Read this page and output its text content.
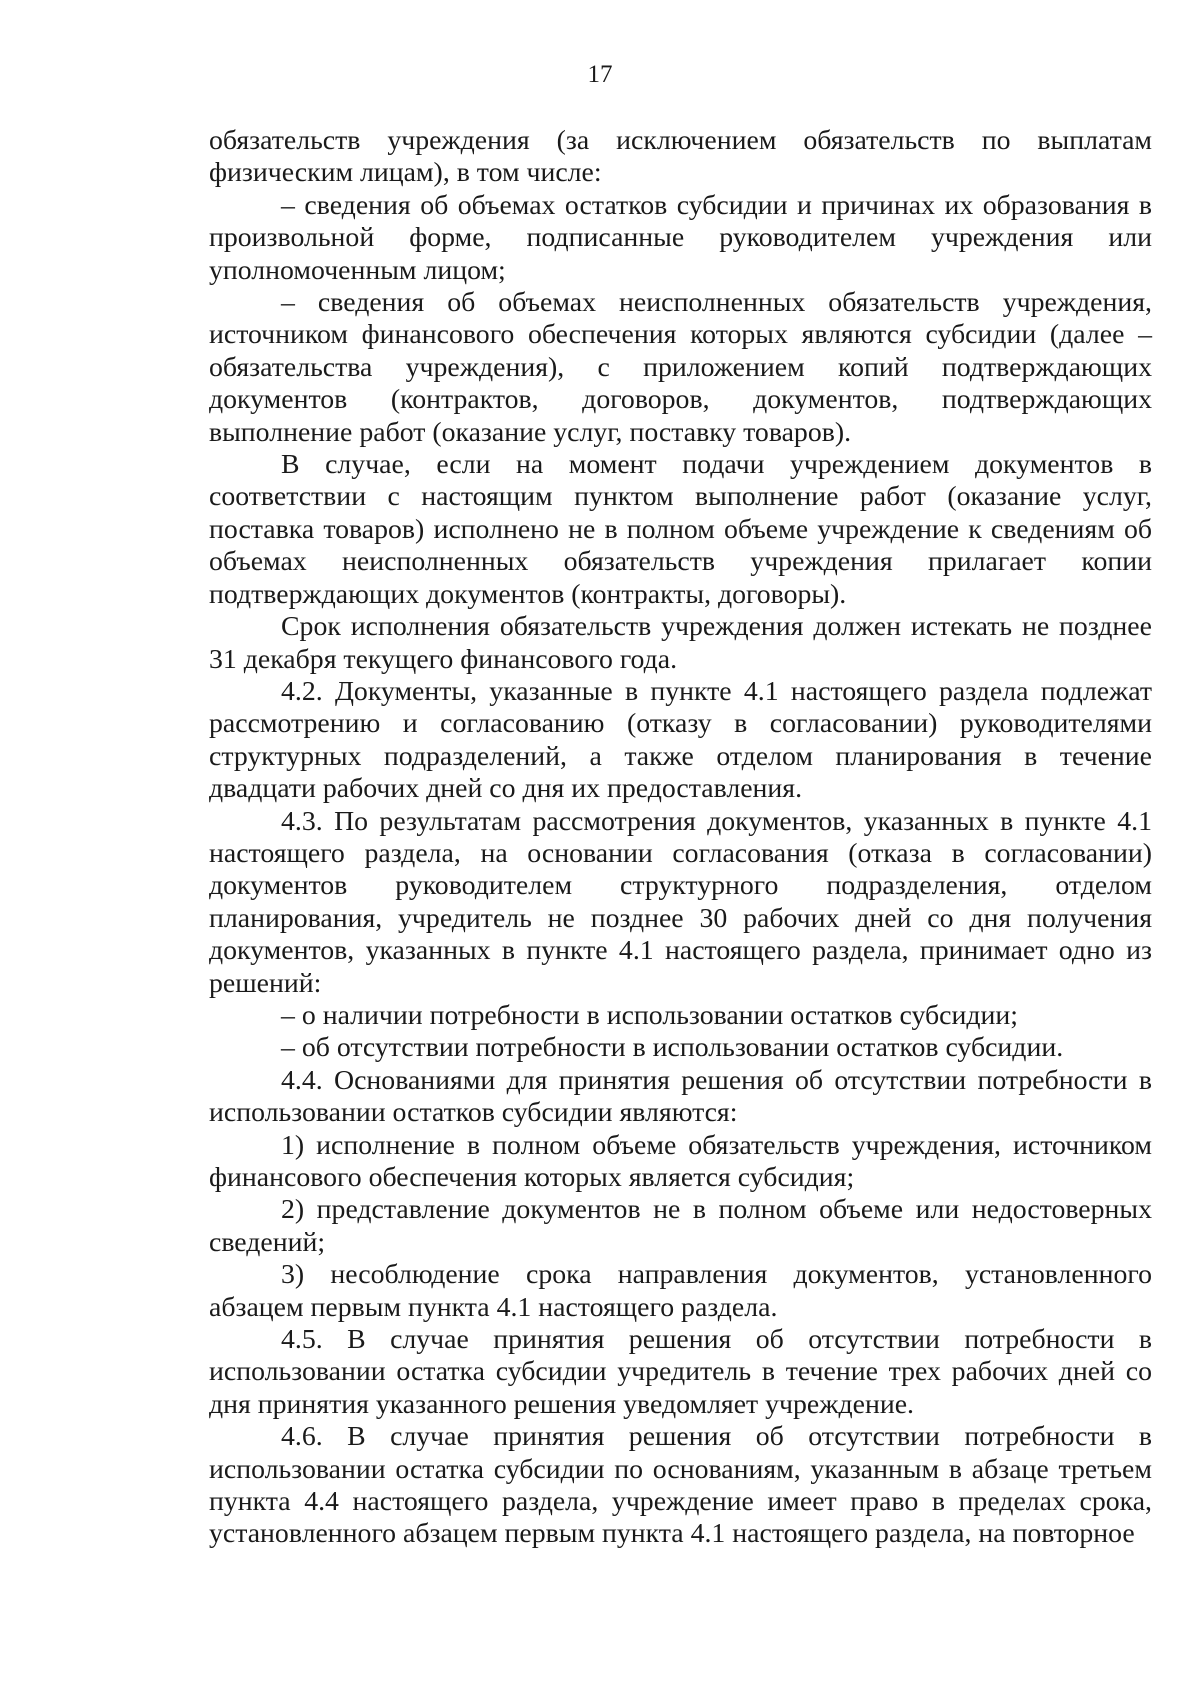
17

обязательств учреждения (за исключением обязательств по выплатам физическим лицам), в том числе:

– сведения об объемах остатков субсидии и причинах их образования в произвольной форме, подписанные руководителем учреждения или уполномоченным лицом;

– сведения об объемах неисполненных обязательств учреждения, источником финансового обеспечения которых являются субсидии (далее – обязательства учреждения), с приложением копий подтверждающих документов (контрактов, договоров, документов, подтверждающих выполнение работ (оказание услуг, поставку товаров).

В случае, если на момент подачи учреждением документов в соответствии с настоящим пунктом выполнение работ (оказание услуг, поставка товаров) исполнено не в полном объеме учреждение к сведениям об объемах неисполненных обязательств учреждения прилагает копии подтверждающих документов (контракты, договоры).

Срок исполнения обязательств учреждения должен истекать не позднее 31 декабря текущего финансового года.

4.2. Документы, указанные в пункте 4.1 настоящего раздела подлежат рассмотрению и согласованию (отказу в согласовании) руководителями структурных подразделений, а также отделом планирования в течение двадцати рабочих дней со дня их предоставления.

4.3. По результатам рассмотрения документов, указанных в пункте 4.1 настоящего раздела, на основании согласования (отказа в согласовании) документов руководителем структурного подразделения, отделом планирования, учредитель не позднее 30 рабочих дней со дня получения документов, указанных в пункте 4.1 настоящего раздела, принимает одно из решений:

– о наличии потребности в использовании остатков субсидии;

– об отсутствии потребности в использовании остатков субсидии.

4.4. Основаниями для принятия решения об отсутствии потребности в использовании остатков субсидии являются:

1) исполнение в полном объеме обязательств учреждения, источником финансового обеспечения которых является субсидия;

2) представление документов не в полном объеме или недостоверных сведений;

3) несоблюдение срока направления документов, установленного абзацем первым пункта 4.1 настоящего раздела.

4.5. В случае принятия решения об отсутствии потребности в использовании остатка субсидии учредитель в течение трех рабочих дней со дня принятия указанного решения уведомляет учреждение.

4.6. В случае принятия решения об отсутствии потребности в использовании остатка субсидии по основаниям, указанным в абзаце третьем пункта 4.4 настоящего раздела, учреждение имеет право в пределах срока, установленного абзацем первым пункта 4.1 настоящего раздела, на повторное
